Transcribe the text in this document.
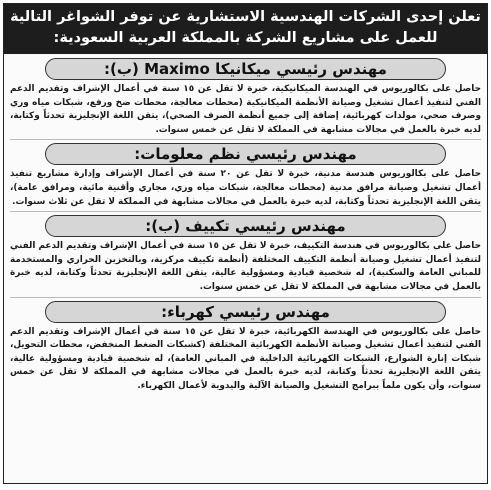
تعلن إحدى الشركات الهندسية الاستشارية عن توفر الشواغر التالية
للعمل على مشاريع الشركة بالمملكة العربية السعودية:
مهندس رئيسي ميكانيكا Maximo (ب):
حاصل على بكالوريوس في الهندسة الميكانيكية، خبرة لا تقل عن ١٥ سنة في أعمال الإشراف وتقديم الدعم الفني لتنفيذ أعمال تشغيل وصيانة الأنظمة الميكانيكية (محطات معالجة، محطات ضخ ورفع، شبكات مياه وري وصرف صحي، مولدات كهربائية، إضافة إلى جميع أنظمة الصرف الصحي)، يتقن اللغة الإنجليزية تحدثاً وكتابة، لديه خبرة بالعمل في مجالات مشابهة في المملكة لا تقل عن خمس سنوات.
مهندس رئيسي نظم معلومات:
حاصل على بكالوريوس هندسة مدنية، خبرة لا تقل عن ٢٠ سنة في أعمال الإشراف وإدارة مشاريع تنفيذ أعمال تشغيل وصيانة مرافق مدنية (محطات معالجة، شبكات مياه وري، مجاري وأقنية مائية، ومرافق عامة)، يتقن اللغة الإنجليزية تحدثاً وكتابة، لديه خبرة بالعمل في مجالات مشابهة في المملكة لا تقل عن ثلاث سنوات.
مهندس رئيسي تكييف (ب):
حاصل على بكالوريوس في هندسة التكييف، خبرة لا تقل عن ١٥ سنة في أعمال الإشراف وتقديم الدعم الفني لتنفيذ أعمال تشغيل وصيانة أنظمة التكييف المختلفة (أنظمة تكييف مركزية، وبالتخزين الحراري والمستخدمة للمباني العامة والسكنية)، له شخصية قيادية ومسؤولية عالية، يتقن اللغة الإنجليزية تحدثاً وكتابة، لديه خبرة بالعمل في مجالات مشابهة في المملكة لا تقل عن خمس سنوات.
مهندس رئيسي كهرباء:
حاصل على بكالوريوس في الهندسة الكهربائية، خبرة لا تقل عن ١٥ سنة في أعمال الإشراف وتقديم الدعم الفني لتنفيذ أعمال تشغيل وصيانة الأنظمة الكهربائية المختلفة (كشبكات الضغط المنخفض، محطات التحويل، شبكات إنارة الشوارع، الشبكات الكهربائية الداخلية في المباني العامة)، له شخصية قيادية ومسؤولية عالية، يتقن اللغة الإنجليزية تحدثاً وكتابة، لديه خبرة بالعمل في مجالات مشابهة في المملكة لا تقل عن خمس سنوات، وأن يكون ملماً ببرامج التشغيل والصيانة الآلية واليدوية لأعمال الكهرباء.
